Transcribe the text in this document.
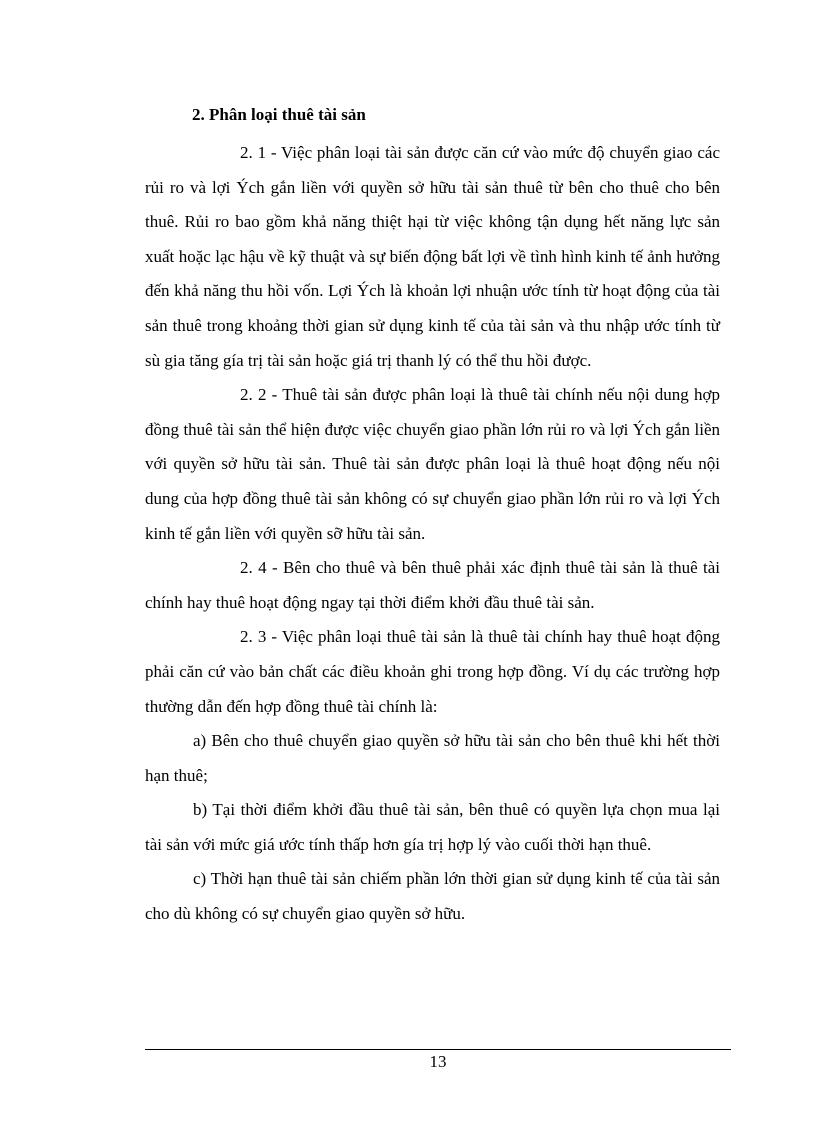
2. Phân loại thuê tài sản

2. 1 - Việc phân loại tài sản được căn cứ vào mức độ chuyển giao các rủi ro và lợi Ých gắn liền với quyền sở hữu tài sản thuê từ bên cho thuê cho bên thuê. Rủi ro bao gồm khả năng thiệt hại từ việc không tận dụng hết năng lực sản xuất hoặc lạc hậu về kỹ thuật và sự biến động bất lợi về tình hình kinh tế ảnh hưởng đến khả năng thu hồi vốn. Lợi Ých là khoản lợi nhuận ước tính từ hoạt động của tài sản thuê trong khoảng thời gian sử dụng kinh tế của tài sản và thu nhập ước tính từ sù gia tăng gía trị tài sản hoặc giá trị thanh lý có thể thu hồi được.

2. 2 - Thuê tài sản được phân loại là thuê tài chính nếu nội dung hợp đồng thuê tài sản thể hiện được việc chuyển giao phần lớn rủi ro và lợi Ých gắn liền với quyền sở hữu tài sản. Thuê tài sản được phân loại là thuê hoạt động nếu nội dung của hợp đồng thuê tài sản không có sự chuyển giao phần lớn rủi ro và lợi Ých kinh tế gắn liền với quyền sỡ hữu tài sản.

2. 4 - Bên cho thuê và bên thuê phải xác định thuê tài sản là thuê tài chính hay thuê hoạt động ngay tại thời điểm khởi đầu thuê tài sản.

2. 3 - Việc phân loại thuê tài sản là thuê tài chính hay thuê hoạt động phải căn cứ vào bản chất các điều khoản ghi trong hợp đồng. Ví dụ các trường hợp thường dẫn đến hợp đồng thuê tài chính là:

a) Bên cho thuê chuyển giao quyền sở hữu tài sản cho bên thuê khi hết thời hạn thuê;

b) Tại thời điểm khởi đầu thuê tài sản, bên thuê có quyền lựa chọn mua lại tài sản với mức giá ước tính thấp hơn gía trị hợp lý vào cuối thời hạn thuê.

c) Thời hạn thuê tài sản chiếm phần lớn thời gian sử dụng kinh tế của tài sản cho dù không có sự chuyển giao quyền sở hữu.

13
